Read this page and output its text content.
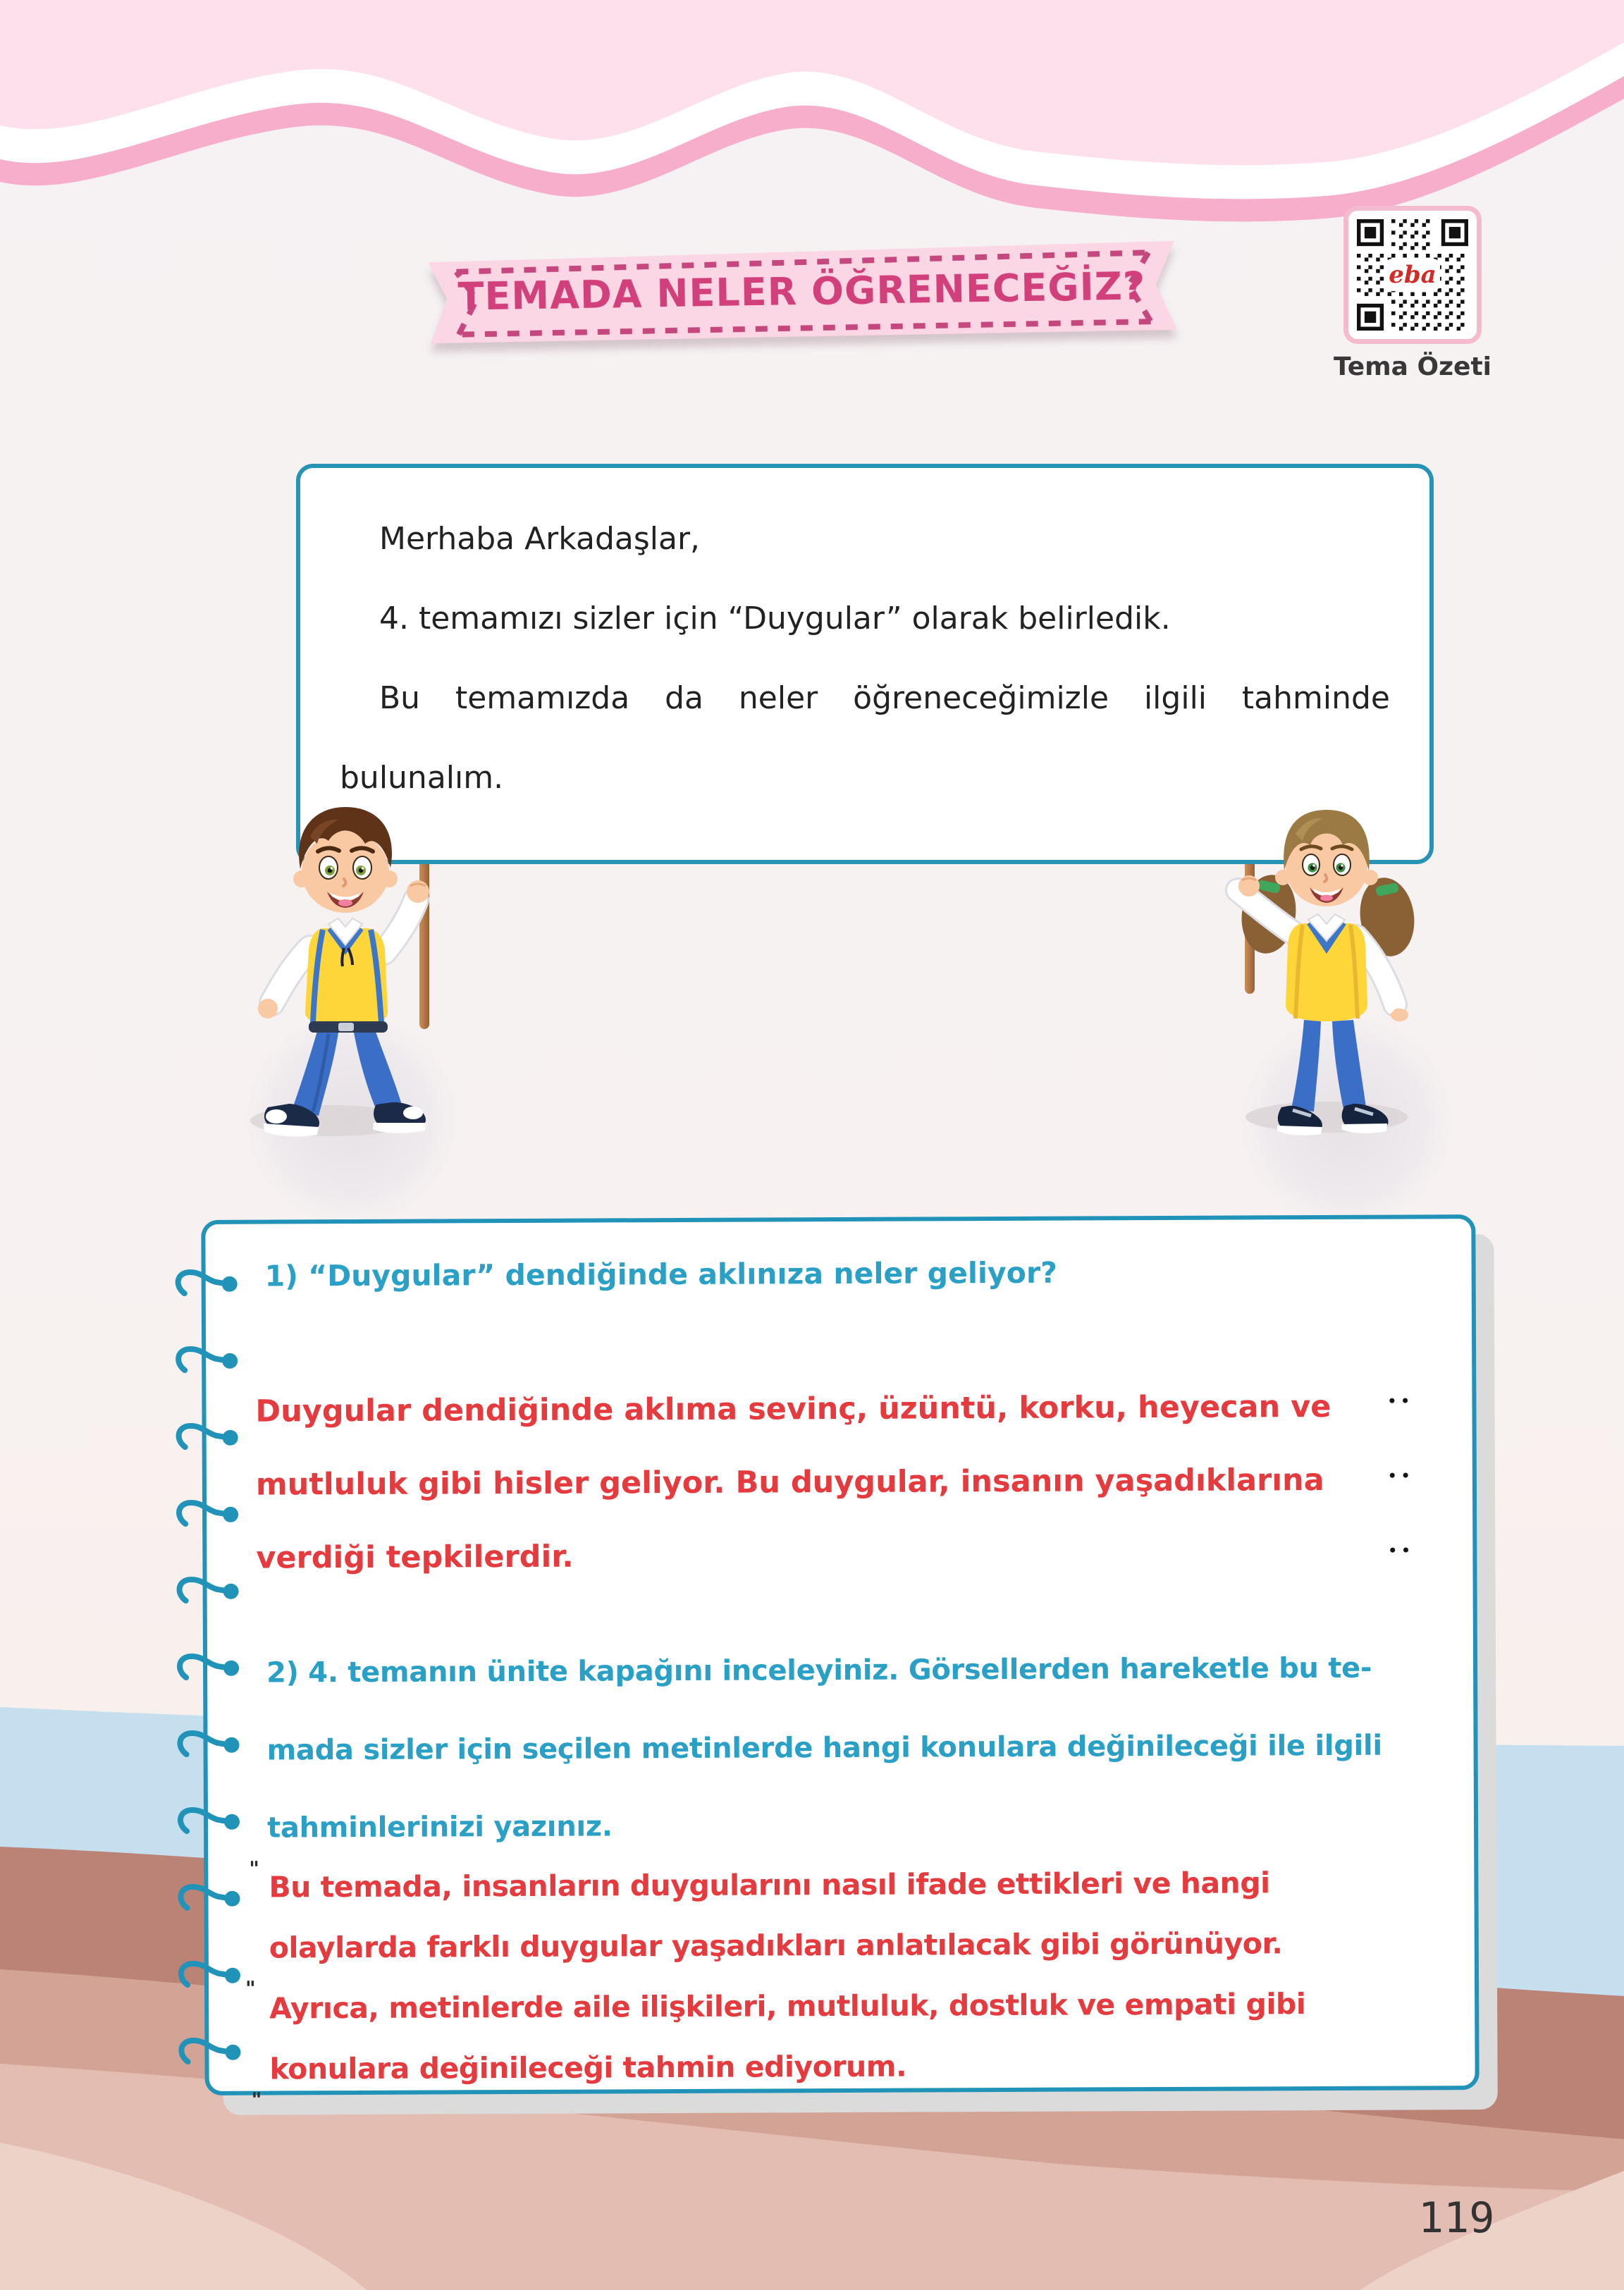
TEMADA NELER ÖĞRENECEĞİZ?	eba
Tema Özeti

Merhaba Arkadaşlar,

4. temamızı sizler için “Duygular” olarak belirledik.

Bu temamızda da neler öğreneceğimizle ilgili tahminde bulunalım.

1) “Duygular” dendiğinde aklınıza neler geliyor?
Duygular dendiğinde aklıma sevinç, üzüntü, korku, heyecan ve
mutluluk gibi hisler geliyor. Bu duygular, insanın yaşadıklarına
verdiği tepkilerdir.
••
••
••
2) 4. temanın ünite kapağını inceleyiniz. Görsellerden hareketle bu te-
mada sizler için seçilen metinlerde hangi konulara değinileceği ile ilgili
tahminlerinizi yazınız.
Bu temada, insanların duygularını nasıl ifade ettikleri ve hangi
olaylarda farklı duygular yaşadıkları anlatılacak gibi görünüyor.
Ayrıca, metinlerde aile ilişkileri, mutluluk, dostluk ve empati gibi
konulara değinileceği tahmin ediyorum.
"
"
"
119
